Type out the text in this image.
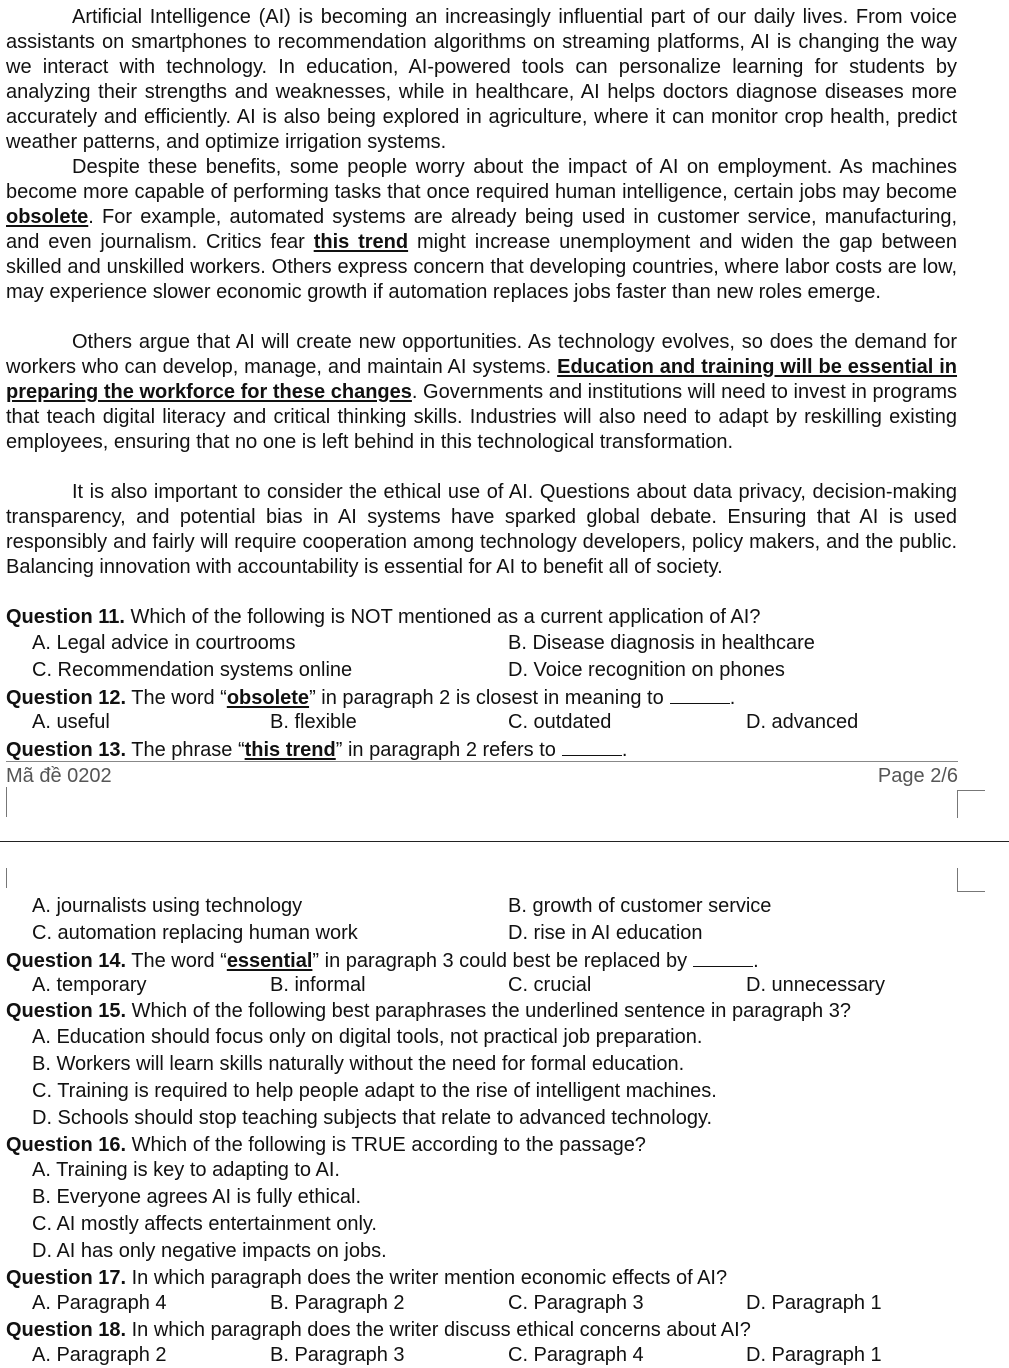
Artificial Intelligence (AI) is becoming an increasingly influential part of our daily lives. From voice assistants on smartphones to recommendation algorithms on streaming platforms, AI is changing the way we interact with technology. In education, AI-powered tools can personalize learning for students by analyzing their strengths and weaknesses, while in healthcare, AI helps doctors diagnose diseases more accurately and efficiently. AI is also being explored in agriculture, where it can monitor crop health, predict weather patterns, and optimize irrigation systems.

Despite these benefits, some people worry about the impact of AI on employment. As machines become more capable of performing tasks that once required human intelligence, certain jobs may become obsolete. For example, automated systems are already being used in customer service, manufacturing, and even journalism. Critics fear this trend might increase unemployment and widen the gap between skilled and unskilled workers. Others express concern that developing countries, where labor costs are low, may experience slower economic growth if automation replaces jobs faster than new roles emerge.

Others argue that AI will create new opportunities. As technology evolves, so does the demand for workers who can develop, manage, and maintain AI systems. Education and training will be essential in preparing the workforce for these changes. Governments and institutions will need to invest in programs that teach digital literacy and critical thinking skills. Industries will also need to adapt by reskilling existing employees, ensuring that no one is left behind in this technological transformation.

It is also important to consider the ethical use of AI. Questions about data privacy, decision-making transparency, and potential bias in AI systems have sparked global debate. Ensuring that AI is used responsibly and fairly will require cooperation among technology developers, policy makers, and the public. Balancing innovation with accountability is essential for AI to benefit all of society.

Question 11. Which of the following is NOT mentioned as a current application of AI?

A. Legal advice in courtrooms	B. Disease diagnosis in healthcare
C. Recommendation systems online	D. Voice recognition on phones

Question 12. The word “obsolete” in paragraph 2 is closest in meaning to	.

A. useful	B. flexible	C. outdated	D. advanced

Question 13. The phrase “this trend” in paragraph 2 refers to	.

Mã đề 0202	Page 2/6
A. journalists using technology	B. growth of customer service
C. automation replacing human work	D. rise in AI education

Question 14. The word “essential” in paragraph 3 could best be replaced by	.

A. temporary	B. informal	C. crucial	D. unnecessary

Question 15. Which of the following best paraphrases the underlined sentence in paragraph 3?

A. Education should focus only on digital tools, not practical job preparation.
B. Workers will learn skills naturally without the need for formal education.
C. Training is required to help people adapt to the rise of intelligent machines.
D. Schools should stop teaching subjects that relate to advanced technology.

Question 16. Which of the following is TRUE according to the passage?

A. Training is key to adapting to AI.
B. Everyone agrees AI is fully ethical.
C. AI mostly affects entertainment only.
D. AI has only negative impacts on jobs.

Question 17. In which paragraph does the writer mention economic effects of AI?

A. Paragraph 4	B. Paragraph 2	C. Paragraph 3	D. Paragraph 1

Question 18. In which paragraph does the writer discuss ethical concerns about AI?

A. Paragraph 2	B. Paragraph 3	C. Paragraph 4	D. Paragraph 1
